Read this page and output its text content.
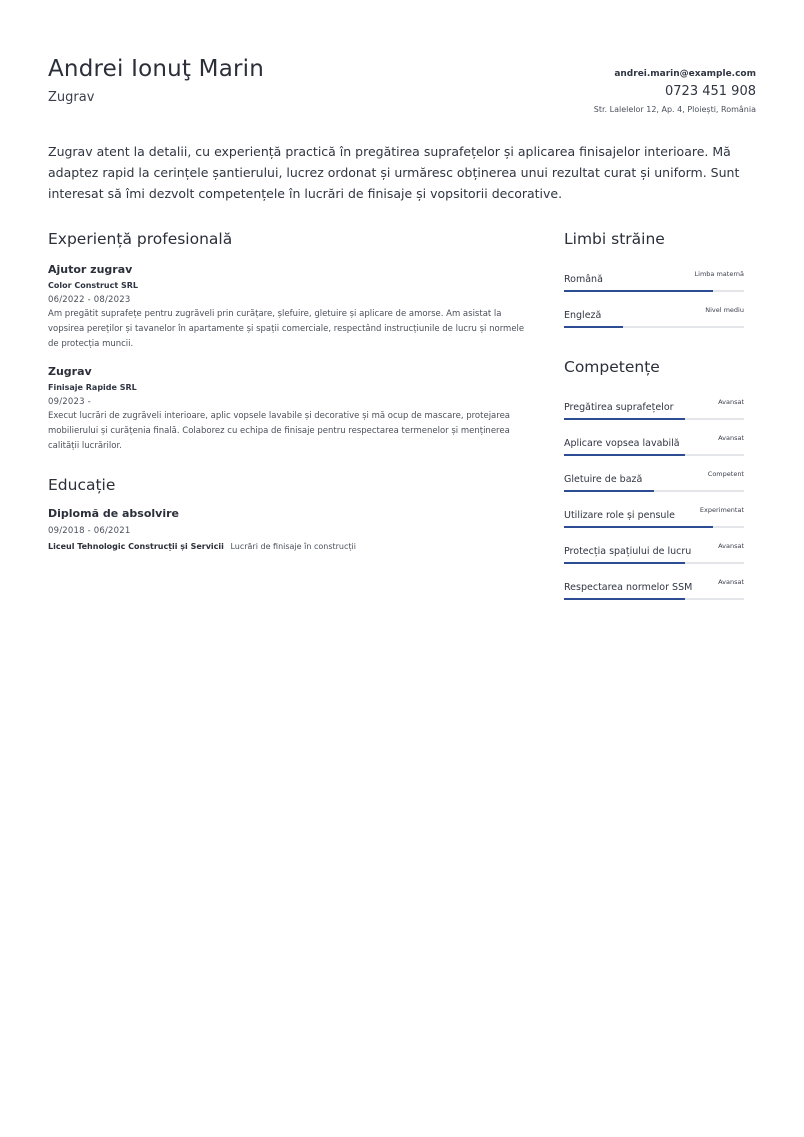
Andrei Ionuţ Marin
Zugrav
andrei.marin@example.com
0723 451 908
Str. Lalelelor 12, Ap. 4, Ploiești, România

Zugrav atent la detalii, cu experiență practică în pregătirea suprafețelor și aplicarea finisajelor interioare. Mă adaptez rapid la cerințele șantierului, lucrez ordonat și urmăresc obținerea unui rezultat curat și uniform. Sunt interesat să îmi dezvolt competențele în lucrări de finisaje și vopsitorii decorative.

Experiență profesională
Ajutor zugrav
Color Construct SRL
06/2022 - 08/2023
Am pregătit suprafețe pentru zugrăveli prin curățare, șlefuire, gletuire și aplicare de amorse. Am asistat la vopsirea pereților și tavanelor în apartamente și spații comerciale, respectând instrucțiunile de lucru și normele de protecția muncii.
Zugrav
Finisaje Rapide SRL
09/2023 -
Execut lucrări de zugrăveli interioare, aplic vopsele lavabile și decorative și mă ocup de mascare, protejarea mobilierului și curățenia finală. Colaborez cu echipa de finisaje pentru respectarea termenelor și menținerea calității lucrărilor.
Educație
Diplomă de absolvire
09/2018 - 06/2021
Liceul Tehnologic Construcții și Servicii Lucrări de finisaje în construcții
Limbi străine
Română	Limba maternă
Engleză	Nivel mediu
Competențe
Pregătirea suprafețelor	Avansat
Aplicare vopsea lavabilă	Avansat
Gletuire de bază	Competent
Utilizare role și pensule	Experimentat
Protecția spațiului de lucru	Avansat
Respectarea normelor SSM	Avansat
